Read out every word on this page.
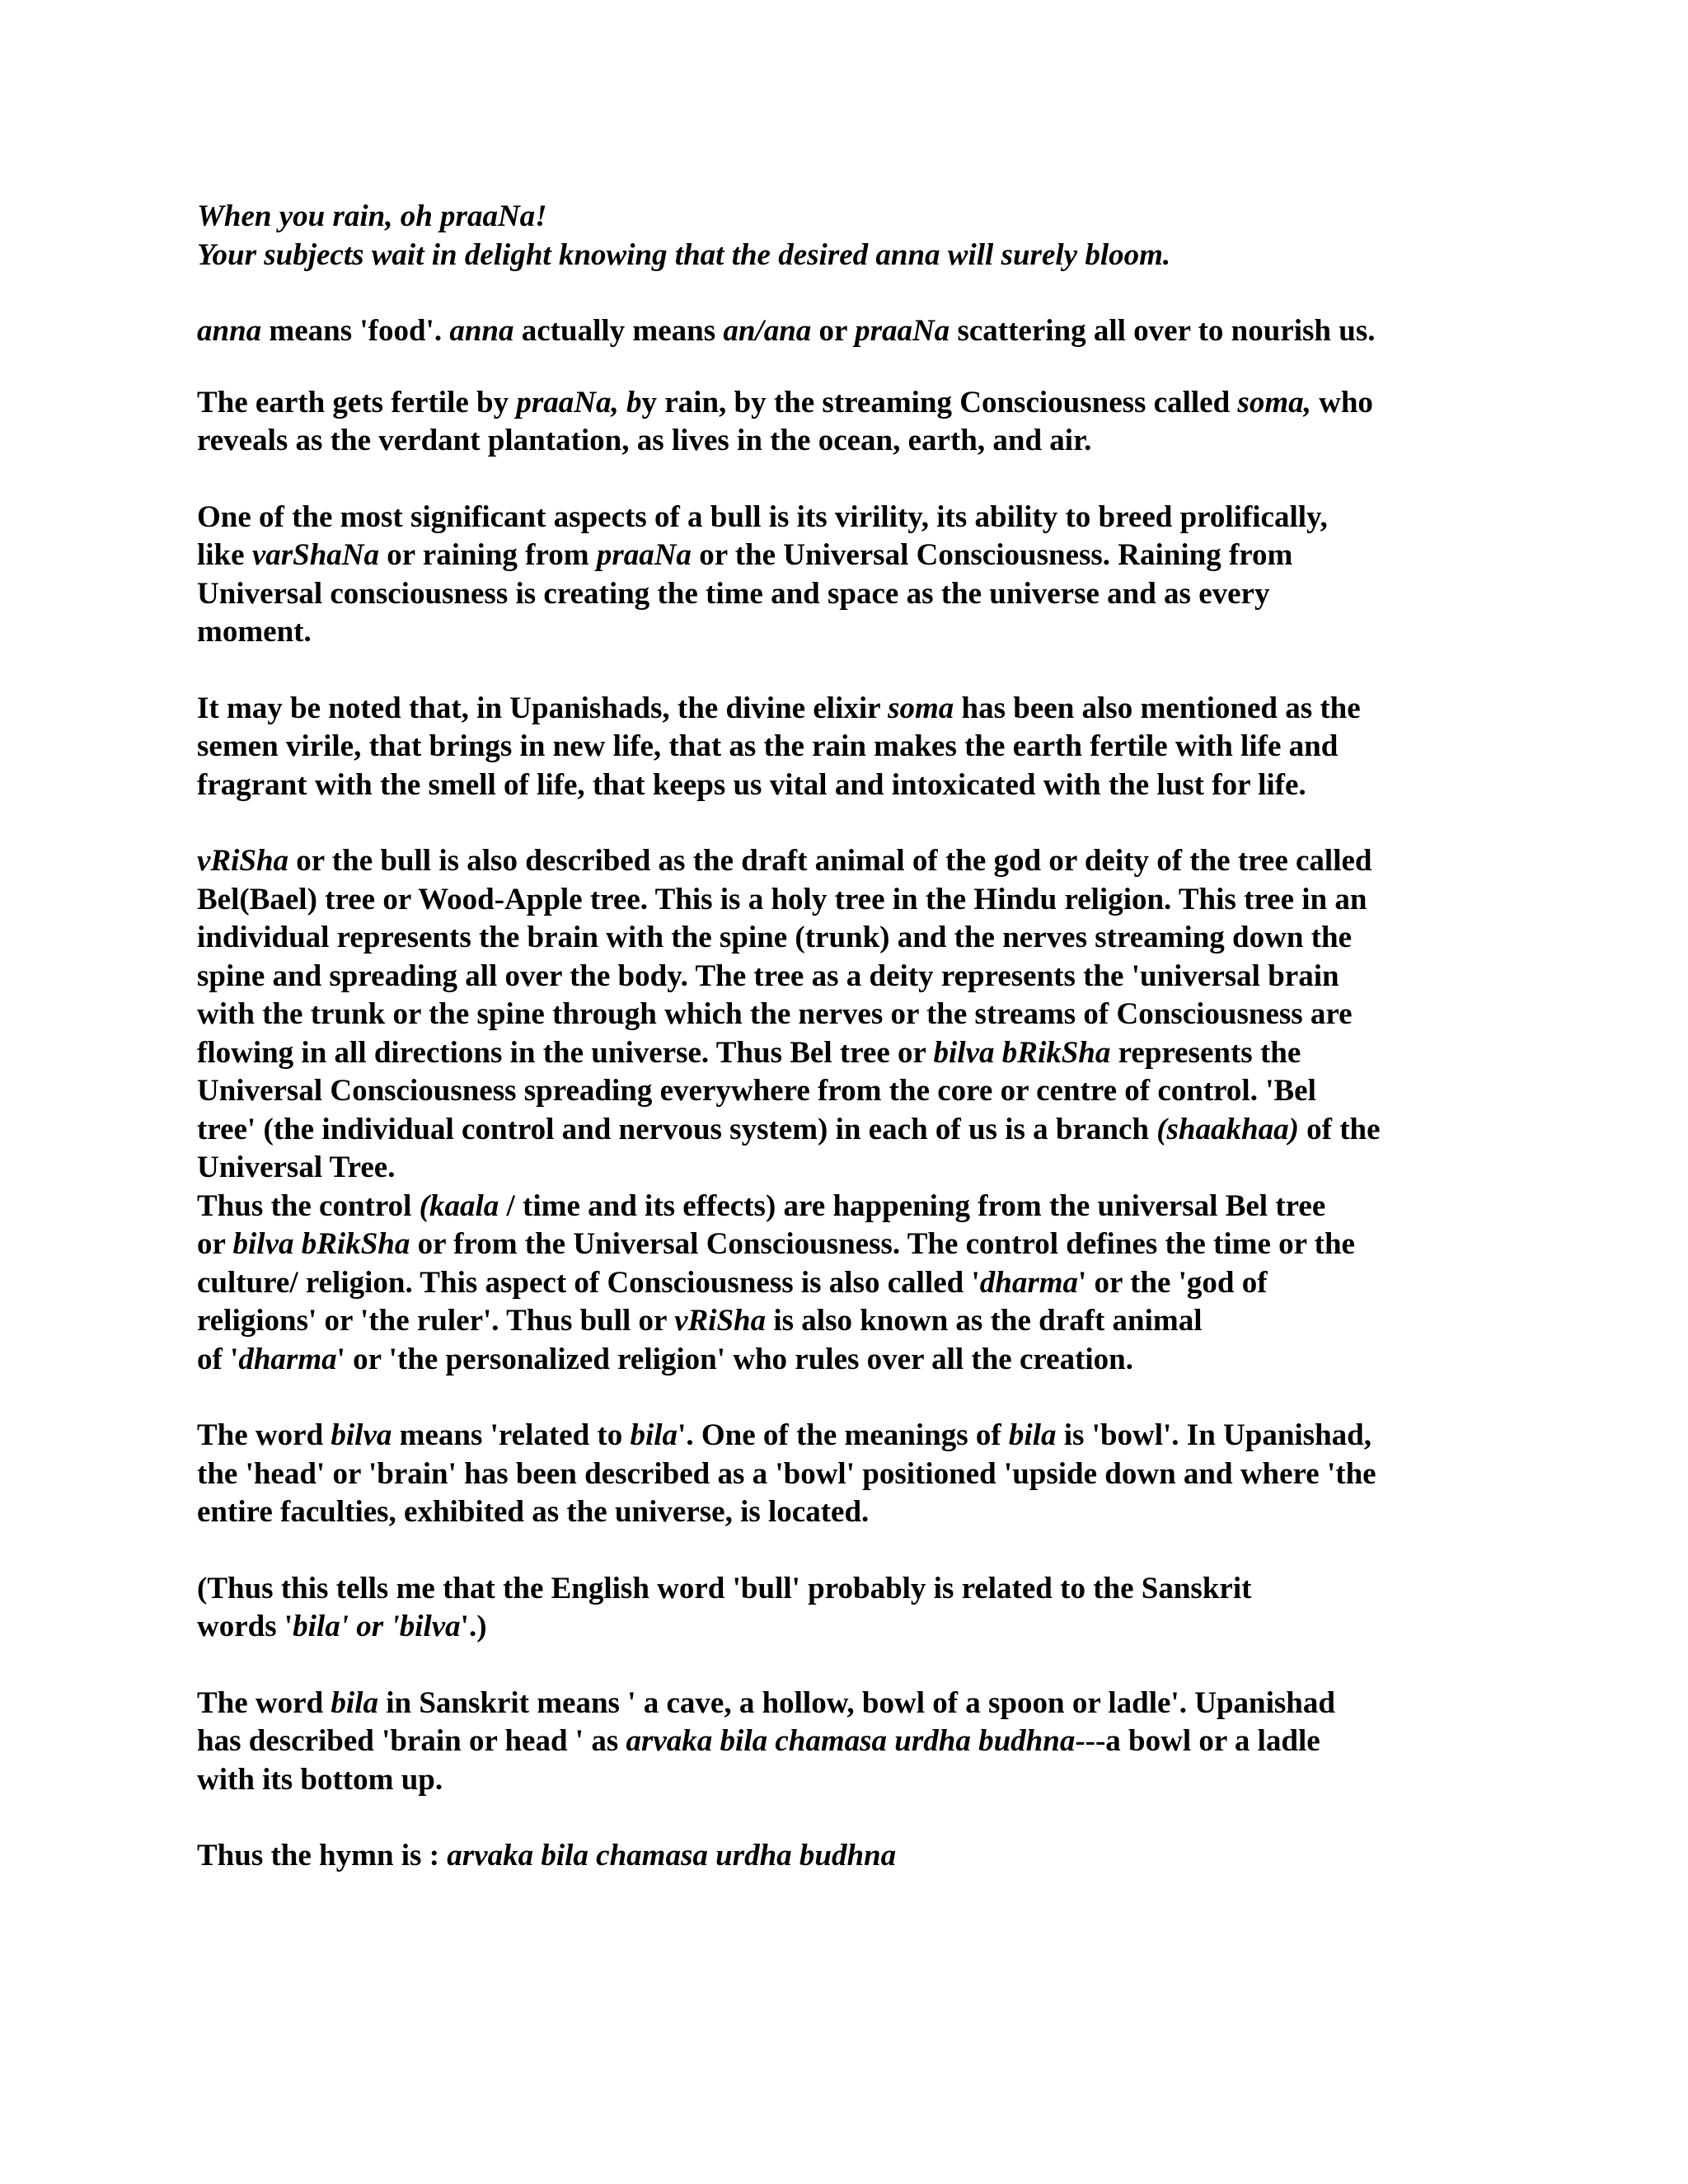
When you rain, oh praaNa!
Your subjects wait in delight knowing that the desired anna will surely bloom.
anna means 'food'. anna actually means an/ana or praaNa scattering all over to nourish us.
The earth gets fertile by praaNa, by rain, by the streaming Consciousness called soma, who
reveals as the verdant plantation, as lives in the ocean, earth, and air.
One of the most significant aspects of a bull is its virility, its ability to breed prolifically,
like varShaNa or raining from praaNa or the Universal Consciousness. Raining from
Universal consciousness is creating the time and space as the universe and as every
moment.
It may be noted that, in Upanishads, the divine elixir soma has been also mentioned as the
semen virile, that brings in new life, that as the rain makes the earth fertile with life and
fragrant with the smell of life, that keeps us vital and intoxicated with the lust for life.
vRiSha or the bull is also described as the draft animal of the god or deity of the tree called
Bel(Bael) tree or Wood-Apple tree. This is a holy tree in the Hindu religion. This tree in an
individual represents the brain with the spine (trunk) and the nerves streaming down the
spine and spreading all over the body. The tree as a deity represents the 'universal brain
with the trunk or the spine through which the nerves or the streams of Consciousness are
flowing in all directions in the universe. Thus Bel tree or bilva bRikSha represents the
Universal Consciousness spreading everywhere from the core or centre of control. 'Bel
tree' (the individual control and nervous system) in each of us is a branch (shaakhaa) of the
Universal Tree.
Thus the control (kaala / time and its effects) are happening from the universal Bel tree
or bilva bRikSha or from the Universal Consciousness. The control defines the time or the
culture/ religion. This aspect of Consciousness is also called 'dharma' or the 'god of
religions' or 'the ruler'. Thus bull or vRiSha is also known as the draft animal
of 'dharma' or 'the personalized religion' who rules over all the creation.
The word bilva means 'related to bila'. One of the meanings of bila is 'bowl'. In Upanishad,
the 'head' or 'brain' has been described as a 'bowl' positioned 'upside down and where 'the
entire faculties, exhibited as the universe, is located.
(Thus this tells me that the English word 'bull' probably is related to the Sanskrit
words 'bila' or 'bilva'.)
The word bila in Sanskrit means ' a cave, a hollow, bowl of a spoon or ladle'. Upanishad
has described 'brain or head ' as arvaka bila chamasa urdha budhna---a bowl or a ladle
with its bottom up.
Thus the hymn is : arvaka bila chamasa urdha budhna
